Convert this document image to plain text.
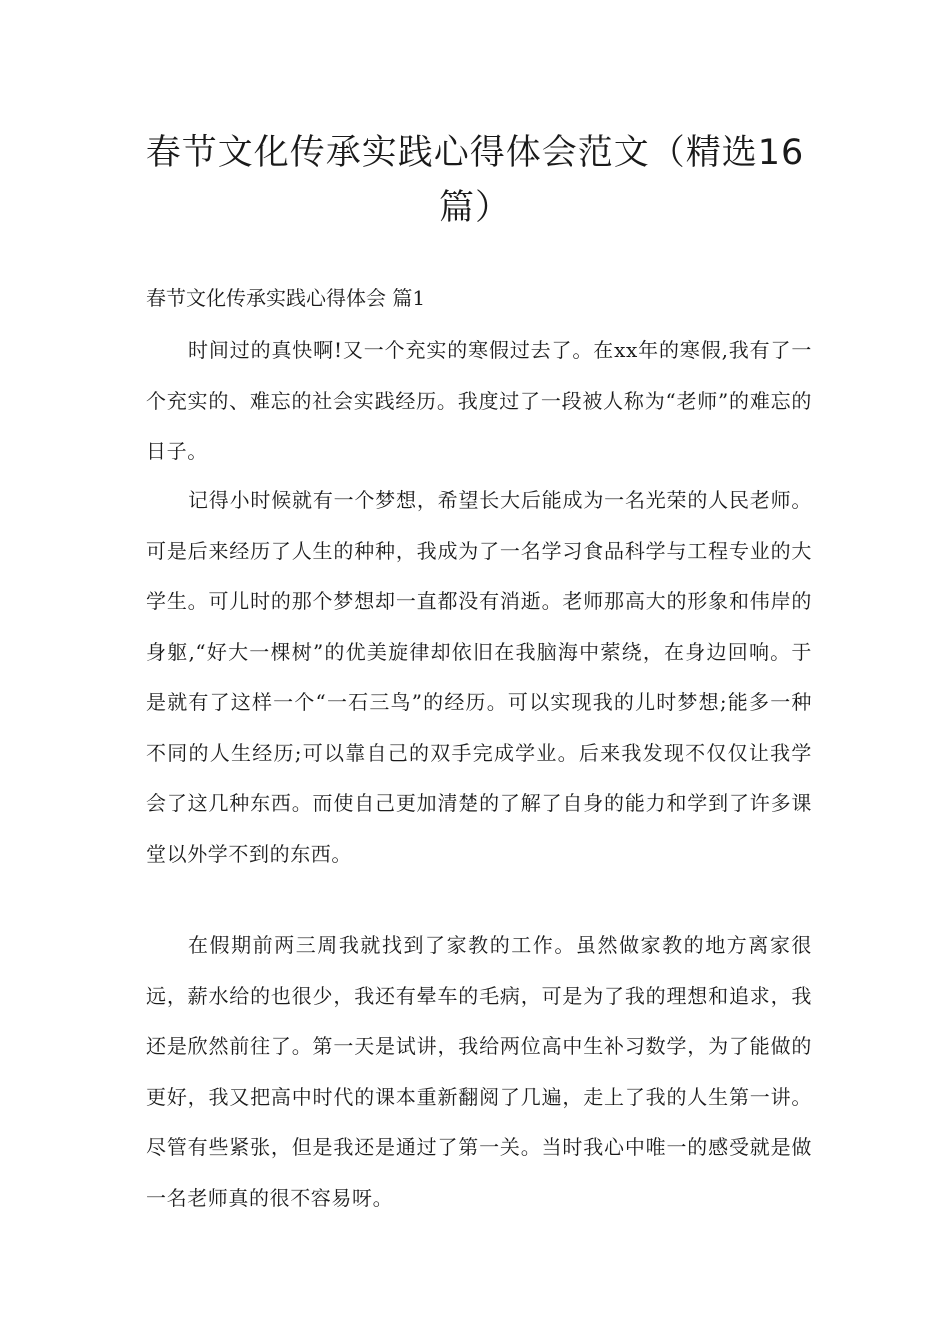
春节文化传承实践心得体会范文（精选16篇）
春节文化传承实践心得体会 篇1

时间过的真快啊!又一个充实的寒假过去了。在xx年的寒假,我有了一个充实的、难忘的社会实践经历。我度过了一段被人称为“老师”的难忘的日子。

记得小时候就有一个梦想，希望长大后能成为一名光荣的人民老师。可是后来经历了人生的种种，我成为了一名学习食品科学与工程专业的大学生。可儿时的那个梦想却一直都没有消逝。老师那高大的形象和伟岸的身躯,“好大一棵树”的优美旋律却依旧在我脑海中萦绕，在身边回响。于是就有了这样一个“一石三鸟”的经历。可以实现我的儿时梦想;能多一种不同的人生经历;可以靠自己的双手完成学业。后来我发现不仅仅让我学会了这几种东西。而使自己更加清楚的了解了自身的能力和学到了许多课堂以外学不到的东西。

在假期前两三周我就找到了家教的工作。虽然做家教的地方离家很远，薪水给的也很少，我还有晕车的毛病，可是为了我的理想和追求，我还是欣然前往了。第一天是试讲，我给两位高中生补习数学，为了能做的更好，我又把高中时代的课本重新翻阅了几遍，走上了我的人生第一讲。尽管有些紧张，但是我还是通过了第一关。当时我心中唯一的感受就是做一名老师真的很不容易呀。
